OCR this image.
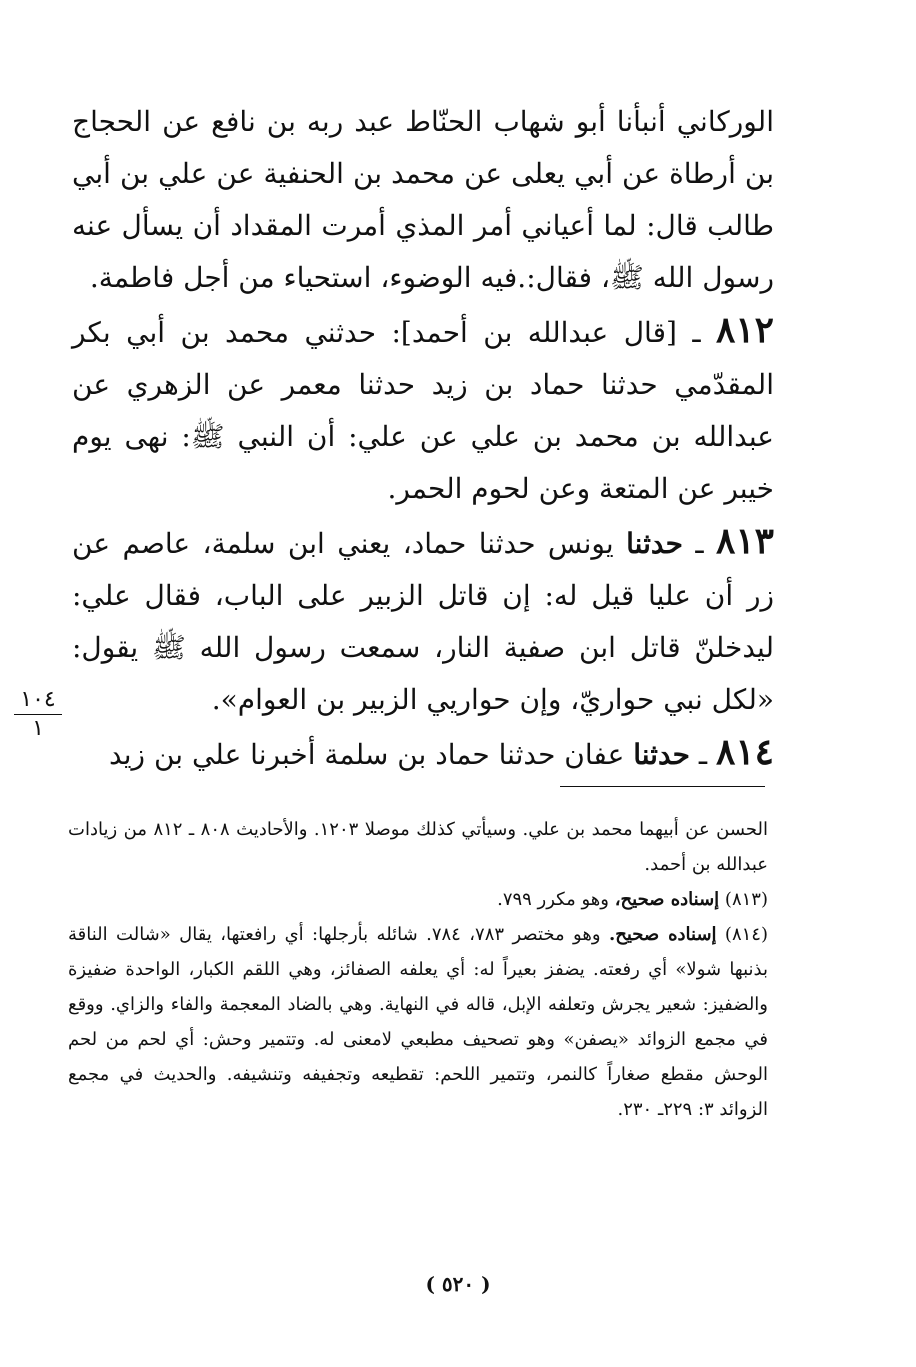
الوركاني أنبأنا أبو شهاب الحنّاط عبد ربه بن نافع عن الحجاج بن أرطاة عن أبي يعلى عن محمد بن الحنفية عن علي بن أبي طالب قال: لما أعياني أمر المذي أمرت المقداد أن يسأل عنه رسول الله ﷺ، فقال:.فيه الوضوء، استحياء من أجل فاطمة.

٨١٢ ـ [قال عبدالله بن أحمد]: حدثني محمد بن أبي بكر المقدّمي حدثنا حماد بن زيد حدثنا معمر عن الزهري عن عبدالله بن محمد بن علي عن علي: أن النبي ﷺ: نهى يوم خيبر عن المتعة وعن لحوم الحمر.

٨١٣ ـ حدثنا يونس حدثنا حماد، يعني ابن سلمة، عاصم عن زر أن عليا قيل له: إن قاتل الزبير على الباب، فقال علي: ليدخلنّ قاتل ابن صفية النار، سمعت رسول الله ﷺ يقول: «لكل نبي حواريّ، وإن حواريي الزبير بن العوام».

٨١٤ ـ حدثنا عفان حدثنا حماد بن سلمة أخبرنا علي بن زيد

١٠٤
١

الحسن عن أبيهما محمد بن علي. وسيأتي كذلك موصلا ١٢٠٣. والأحاديث ٨٠٨ ـ ٨١٢ من زيادات عبدالله بن أحمد.

(٨١٣) إسناده صحيح، وهو مكرر ٧٩٩.

(٨١٤) إسناده صحيح. وهو مختصر ٧٨٣، ٧٨٤. شائله بأرجلها: أي رافعتها، يقال «شالت الناقة بذنبها شولا» أي رفعته. يضفز بعيراً له: أي يعلفه الصفائز، وهي اللقم الكبار، الواحدة ضفيزة والضفيز: شعير يجرش وتعلفه الإبل، قاله في النهاية. وهي بالضاد المعجمة والفاء والزاي. ووقع في مجمع الزوائد «يصفن» وهو تصحيف مطبعي لامعنى له. وتتمير وحش: أي لحم من لحم الوحش مقطع صغاراً كالنمر، وتتمير اللحم: تقطيعه وتجفيفه وتنشيفه. والحديث في مجمع الزوائد ٣: ٢٢٩ـ ٢٣٠.

( ٥٢٠ )
